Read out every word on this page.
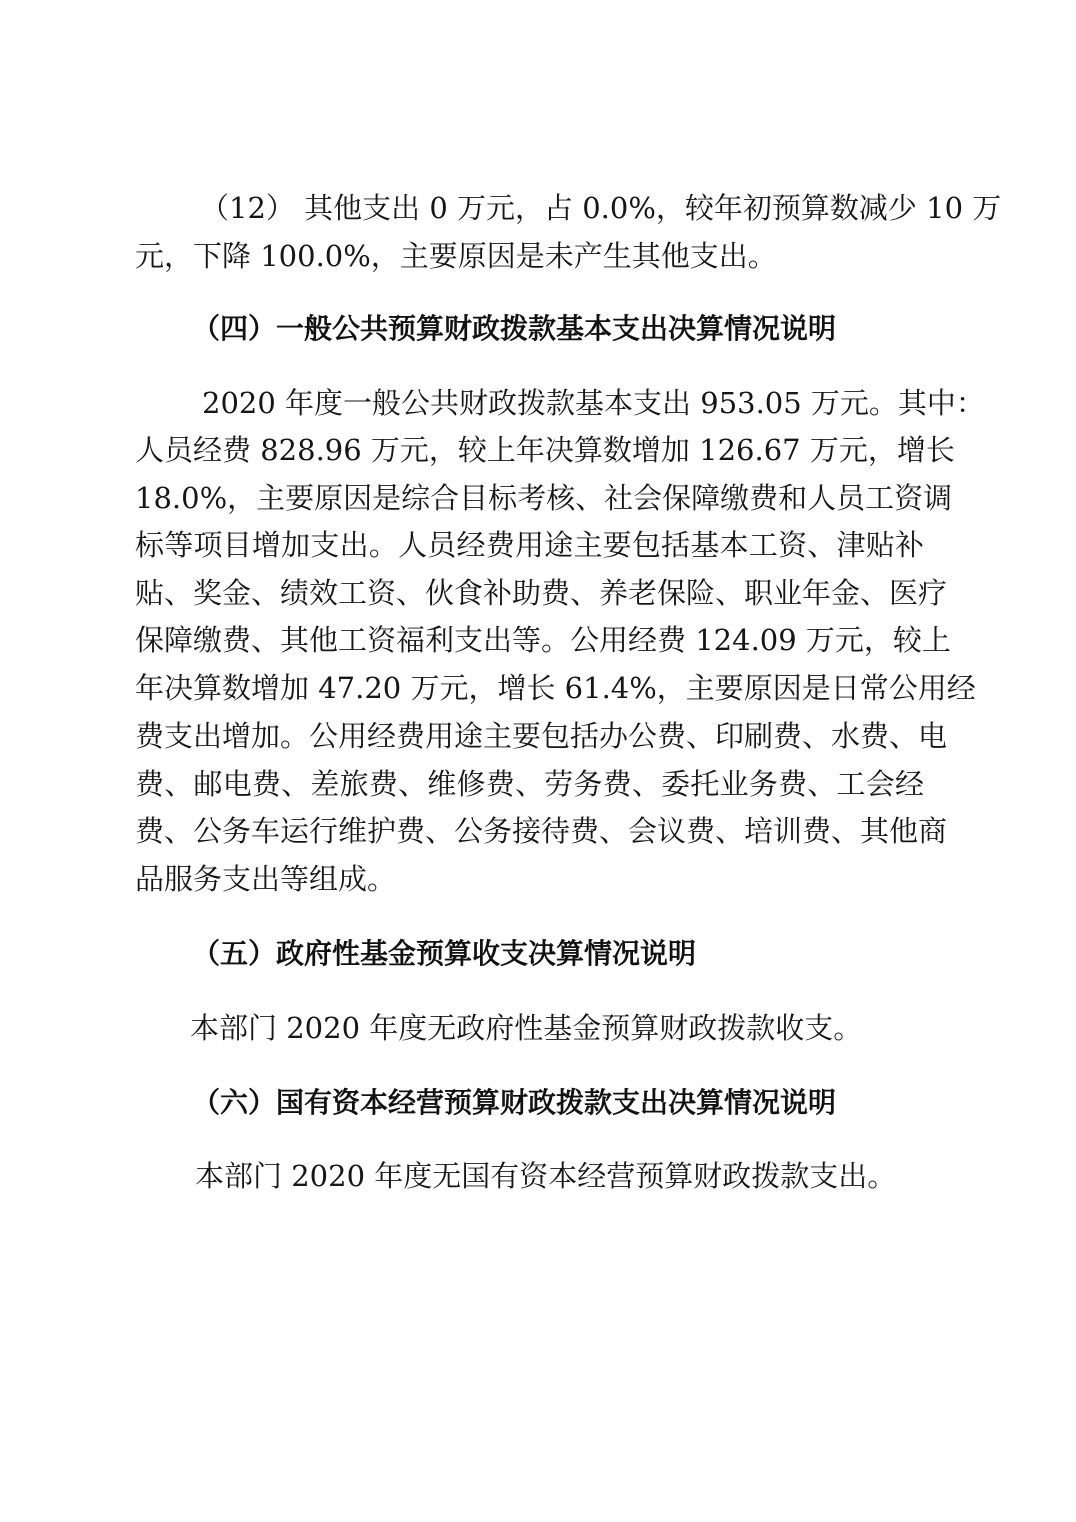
（12） 其他支出 0 万元，占 0.0%，较年初预算数减少 10 万
元，下降 100.0%，主要原因是未产生其他支出。
（四）一般公共预算财政拨款基本支出决算情况说明
2020 年度一般公共财政拨款基本支出 953.05 万元。其中：
人员经费 828.96 万元，较上年决算数增加 126.67 万元，增长
18.0%，主要原因是综合目标考核、社会保障缴费和人员工资调
标等项目增加支出。人员经费用途主要包括基本工资、津贴补
贴、奖金、绩效工资、伙食补助费、养老保险、职业年金、医疗
保障缴费、其他工资福利支出等。公用经费 124.09 万元，较上
年决算数增加 47.20 万元，增长 61.4%，主要原因是日常公用经
费支出增加。公用经费用途主要包括办公费、印刷费、水费、电
费、邮电费、差旅费、维修费、劳务费、委托业务费、工会经
费、公务车运行维护费、公务接待费、会议费、培训费、其他商
品服务支出等组成。
（五）政府性基金预算收支决算情况说明
本部门 2020 年度无政府性基金预算财政拨款收支。
（六）国有资本经营预算财政拨款支出决算情况说明
本部门 2020 年度无国有资本经营预算财政拨款支出。
